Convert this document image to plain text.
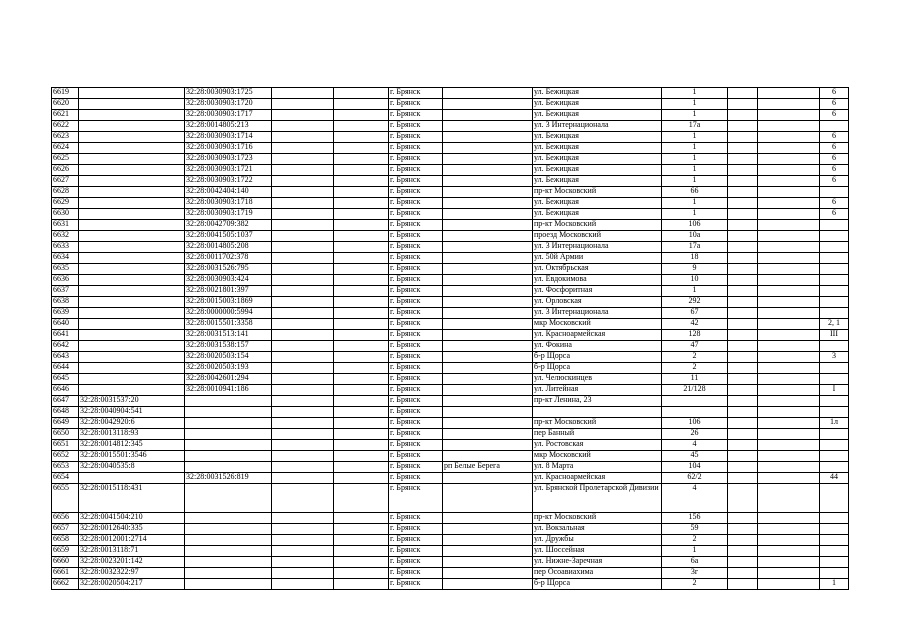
6619		32:28:0030903:1725			г. Брянск		ул. Бежицкая	1			6
6620		32:28:0030903:1720			г. Брянск		ул. Бежицкая	1			6
6621		32:28:0030903:1717			г. Брянск		ул. Бежицкая	1			6
6622		32:28:0014805:213			г. Брянск		ул. 3 Интернационала	17а			
6623		32:28:0030903:1714			г. Брянск		ул. Бежицкая	1			6
6624		32:28:0030903:1716			г. Брянск		ул. Бежицкая	1			6
6625		32:28:0030903:1723			г. Брянск		ул. Бежицкая	1			6
6626		32:28:0030903:1721			г. Брянск		ул. Бежицкая	1			6
6627		32:28:0030903:1722			г. Брянск		ул. Бежицкая	1			6
6628		32:28:0042404:140			г. Брянск		пр-кт Московский	66			
6629		32:28:0030903:1718			г. Брянск		ул. Бежицкая	1			6
6630		32:28:0030903:1719			г. Брянск		ул. Бежицкая	1			6
6631		32:28:0042709:382			г. Брянск		пр-кт Московский	106			
6632		32:28:0041505:1037			г. Брянск		проезд Московский	10а			
6633		32:28:0014805:208			г. Брянск		ул. 3 Интернационала	17а			
6634		32:28:0011702:378			г. Брянск		ул. 50й Армии	18			
6635		32:28:0031526:795			г. Брянск		ул. Октябрьская	9			
6636		32:28:0030903:424			г. Брянск		ул. Евдокимова	10			
6637		32:28:0021801:397			г. Брянск		ул. Фосфоритная	1			
6638		32:28:0015003:1869			г. Брянск		ул. Орловская	292			
6639		32:28:0000000:5994			г. Брянск		ул. 3 Интернационала	67			
6640		32:28:0015501:3358			г. Брянск		мкр Московский	42			2, 1
6641		32:28:0031513:141			г. Брянск		ул. Красноармейская	128			III
6642		32:28:0031538:157			г. Брянск		ул. Фокина	47			
6643		32:28:0020503:154			г. Брянск		б-р Щорса	2			3
6644		32:28:0020503:193			г. Брянск		б-р Щорса	2			
6645		32:28:0042601:294			г. Брянск		ул. Челюскинцев	11			
6646		32:28:0010941:186			г. Брянск		ул. Литейная	21/128			I
6647	32:28:0031537:20				г. Брянск		пр-кт Ленина, 23				
6648	32:28:0040904:541				г. Брянск						
6649	32:28:0042920:6				г. Брянск		пр-кт Московский	106			1л
6650	32:28:0013118:93				г. Брянск		пер Банный	26			
6651	32:28:0014812:345				г. Брянск		ул. Ростовская	4			
6652	32:28:0015501:3546				г. Брянск		мкр Московский	45			
6653	32:28:0040535:8				г. Брянск	рп Белые Берега	ул. 8 Марта	104			
6654		32:28:0031526:819			г. Брянск		ул. Красноармейская	62/2			44
6655	32:28:0015118:431				г. Брянск		ул. Брянской Пролетарской Дивизии	4			
6656	32:28:0041504:210				г. Брянск		пр-кт Московский	156			
6657	32:28:0012640:335				г. Брянск		ул. Вокзальная	59			
6658	32:28:0012001:2714				г. Брянск		ул. Дружбы	2			
6659	32:28:0013118:71				г. Брянск		ул. Шоссейная	1			
6660	32:28:0023201:142				г. Брянск		ул. Нижне-Заречная	6а			
6661	32:28:0032322:97				г. Брянск		пер Осоавиахима	3г			
6662	32:28:0020504:217				г. Брянск		б-р Щорса	2			1
